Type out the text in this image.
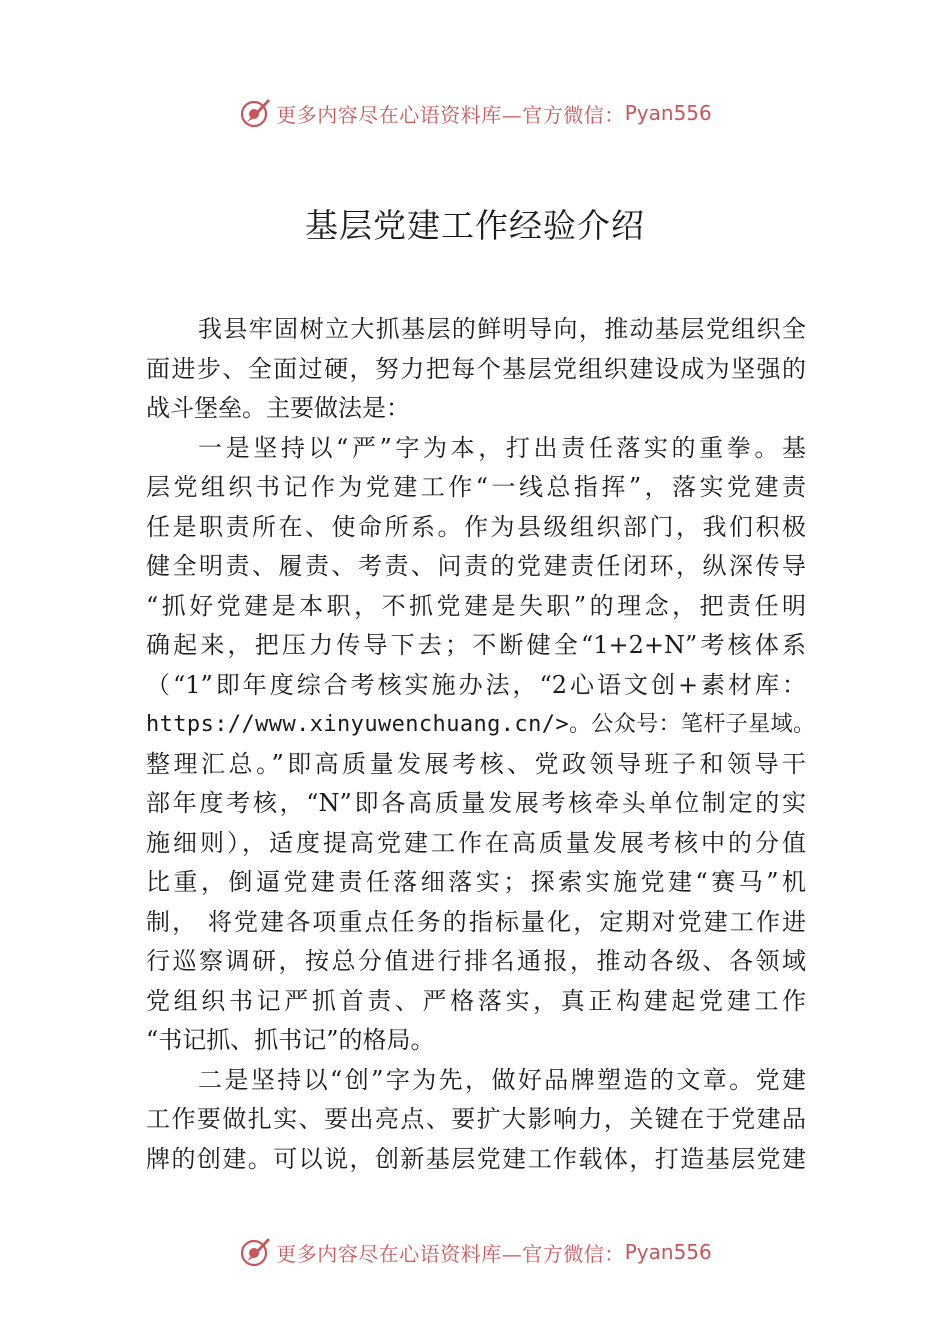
更多内容尽在心语资料库—官方微信： Pyan556
基层党建工作经验介绍
我县牢固树立大抓基层的鲜明导向，推动基层党组织全
面进步、全面过硬，努力把每个基层党组织建设成为坚强的
战斗堡垒。主要做法是：
一是坚持以“严”字为本，打出责任落实的重拳。基
层党组织书记作为党建工作“一线总指挥”，落实党建责
任是职责所在、使命所系。作为县级组织部门，我们积极
健全明责、履责、考责、问责的党建责任闭环，纵深传导
“抓好党建是本职，不抓党建是失职”的理念，把责任明
确起来，把压力传导下去；不断健全“1+2+N”考核体系
（“1”即年度综合考核实施办法，“2心语文创+素材库：
https://www.xinyuwenchuang.cn/>。公众号：笔杆子星域。
整理汇总。”即高质量发展考核、党政领导班子和领导干
部年度考核，“N”即各高质量发展考核牵头单位制定的实
施细则），适度提高党建工作在高质量发展考核中的分值
比重，倒逼党建责任落细落实；探索实施党建“赛马”机
制， 将党建各项重点任务的指标量化，定期对党建工作进
行巡察调研，按总分值进行排名通报，推动各级、各领域
党组织书记严抓首责、严格落实，真正构建起党建工作
“书记抓、抓书记”的格局。
二是坚持以“创”字为先，做好品牌塑造的文章。党建
工作要做扎实、要出亮点、要扩大影响力，关键在于党建品
牌的创建。可以说，创新基层党建工作载体，打造基层党建
更多内容尽在心语资料库—官方微信： Pyan556
